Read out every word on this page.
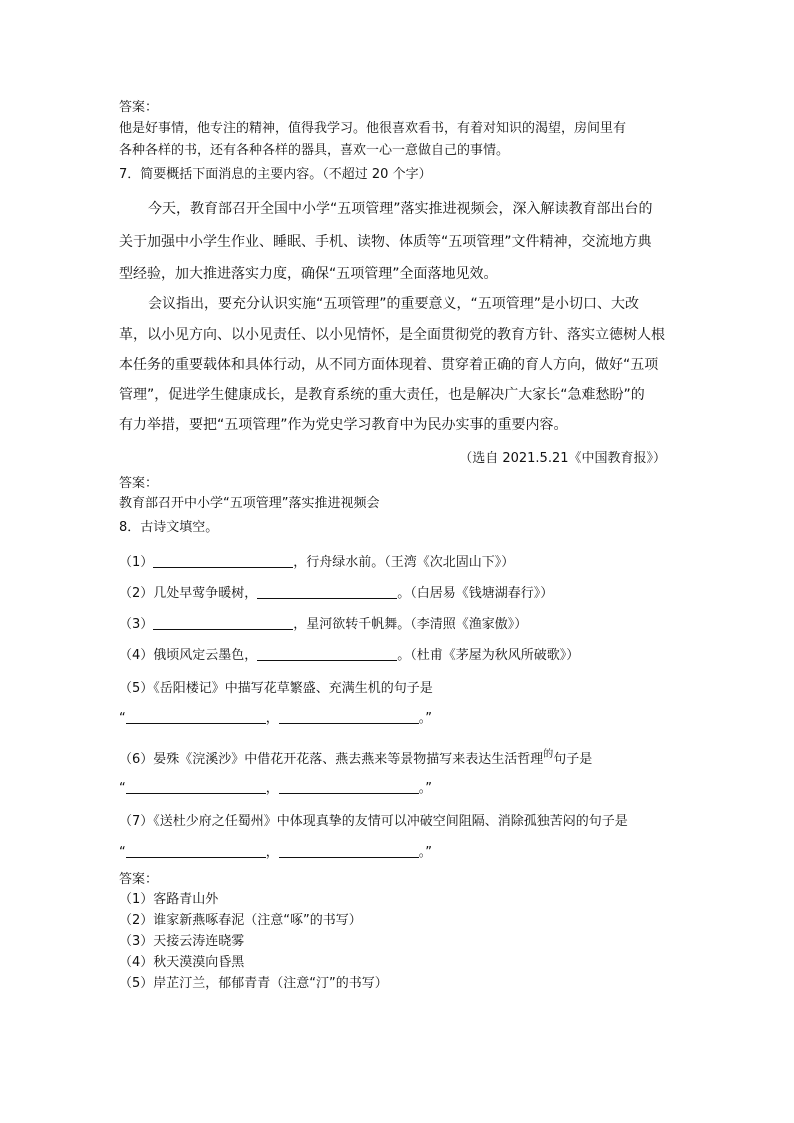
答案：
他是好事情，他专注的精神，值得我学习。他很喜欢看书，有着对知识的渴望，房间里有
各种各样的书，还有各种各样的器具，喜欢一心一意做自己的事情。
7．简要概括下面消息的主要内容。（不超过 20 个字）
今天，教育部召开全国中小学“五项管理”落实推进视频会，深入解读教育部出台的
关于加强中小学生作业、睡眠、手机、读物、体质等“五项管理”文件精神，交流地方典
型经验，加大推进落实力度，确保“五项管理”全面落地见效。
会议指出，要充分认识实施“五项管理”的重要意义，“五项管理”是小切口、大改
革，以小见方向、以小见责任、以小见情怀，是全面贯彻党的教育方针、落实立德树人根
本任务的重要载体和具体行动，从不同方面体现着、贯穿着正确的育人方向，做好“五项
管理”，促进学生健康成长，是教育系统的重大责任，也是解决广大家长“急难愁盼”的
有力举措，要把“五项管理”作为党史学习教育中为民办实事的重要内容。
（选自 2021.5.21《中国教育报》）
答案：
教育部召开中小学“五项管理”落实推进视频会
8．古诗文填空。
（1）	，行舟绿水前。（王湾《次北固山下》）
（2）几处早莺争暖树，	。（白居易《钱塘湖春行》）
（3）	，星河欲转千帆舞。（李清照《渔家傲》）
（4）俄顷风定云墨色，	。（杜甫《茅屋为秋风所破歌》）
（5）《岳阳楼记》中描写花草繁盛、充满生机的句子是
“	，	。”
（6）晏殊《浣溪沙》中借花开花落、燕去燕来等景物描写来表达生活哲理$^的$句子是
“	，	。”
（7）《送杜少府之任蜀州》中体现真挚的友情可以冲破空间阻隔、消除孤独苦闷的句子是
“	，	。”
答案：
（1）客路青山外
（2）谁家新燕啄春泥（注意“啄”的书写）
（3）天接云涛连晓雾
（4）秋天漠漠向昏黑
（5）岸芷汀兰，郁郁青青（注意“汀”的书写）
